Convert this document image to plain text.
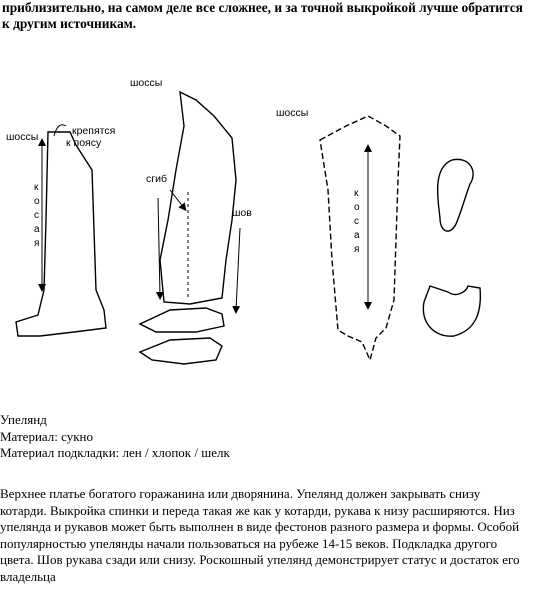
приблизительно, на самом деле все сложнее, и за точной выкройкой лучше обратится к другим источникам.
шоссы	крепятся к поясу
к
о
с
а
я
шоссы
сгиб
шов
шоссы
к
о
с
а
я
Упелянд
Материал: сукно
Материал подкладки: лен / хлопок / шелк
Верхнее платье богатого горажанина или дворянина. Упелянд должен закрывать снизу котарди. Выкройка спинки и переда такая же как у котарди, рукава к низу расширяются. Низ упелянда и рукавов может быть выполнен в виде фестонов разного размера и формы. Особой популярностью упелянды начали пользоваться на рубеже 14-15 веков. Подкладка другого цвета. Шов рукава сзади или снизу. Роскошный упелянд демонстрирует статус и достаток его владельца
